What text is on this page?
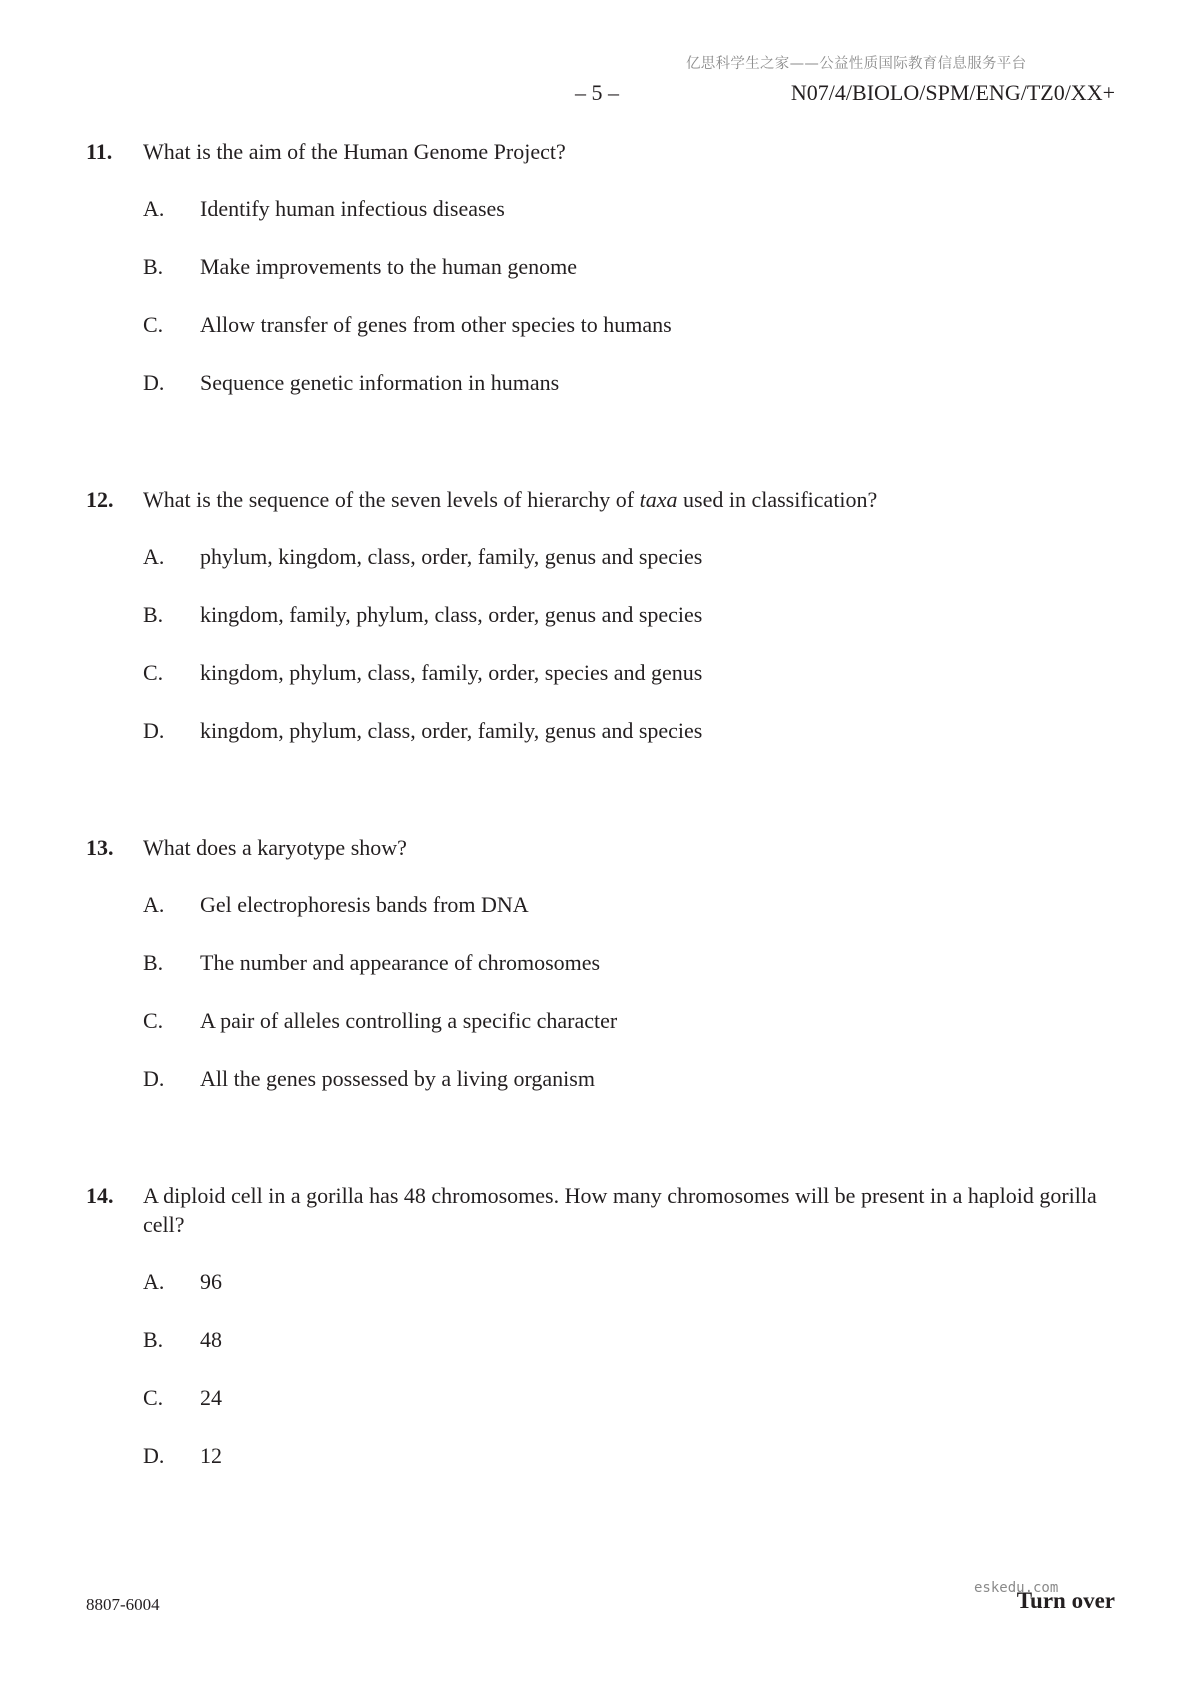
亿思科学生之家——公益性质国际教育信息服务平台
– 5 –	N07/4/BIOLO/SPM/ENG/TZ0/XX+
11. What is the aim of the Human Genome Project?
A. Identify human infectious diseases
B. Make improvements to the human genome
C. Allow transfer of genes from other species to humans
D. Sequence genetic information in humans
12. What is the sequence of the seven levels of hierarchy of taxa used in classification?
A. phylum, kingdom, class, order, family, genus and species
B. kingdom, family, phylum, class, order, genus and species
C. kingdom, phylum, class, family, order, species and genus
D. kingdom, phylum, class, order, family, genus and species
13. What does a karyotype show?
A. Gel electrophoresis bands from DNA
B. The number and appearance of chromosomes
C. A pair of alleles controlling a specific character
D. All the genes possessed by a living organism
14. A diploid cell in a gorilla has 48 chromosomes. How many chromosomes will be present in a haploid gorilla cell?
A. 96
B. 48
C. 24
D. 12
8807-6004	Turn over
eskedu.com
